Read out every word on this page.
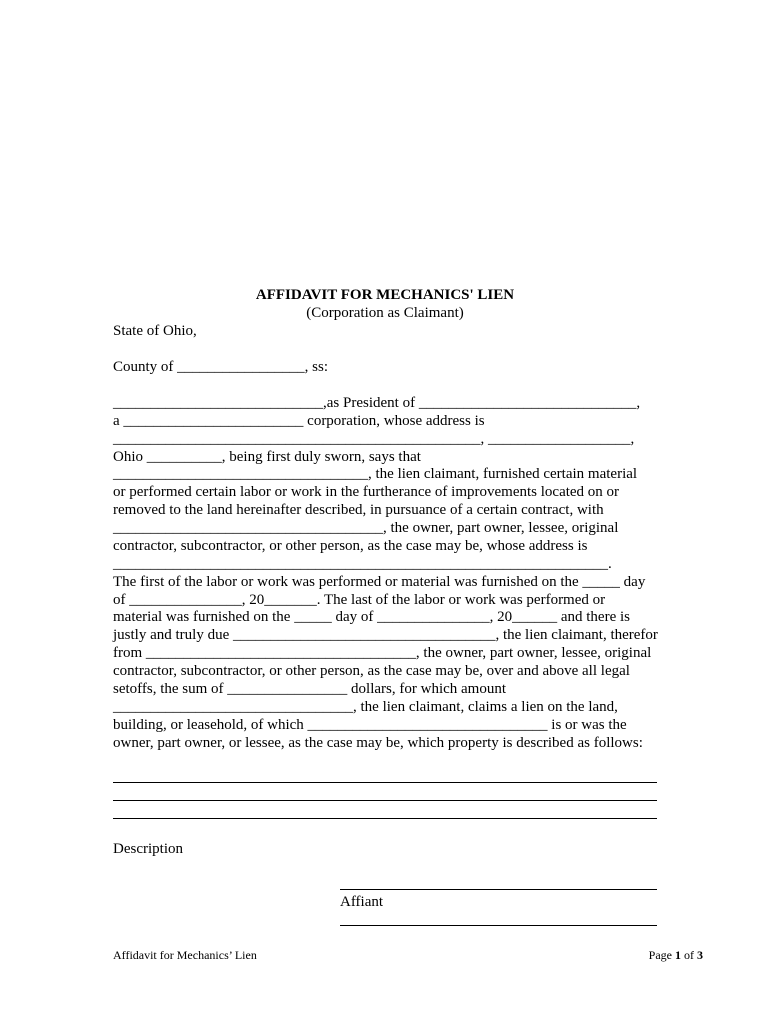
AFFIDAVIT FOR MECHANICS' LIEN
(Corporation as Claimant)
State of Ohio,
County of _________________, ss:
____________________________,as President of _____________________________,
a ________________________ corporation, whose address is
_________________________________________________, ___________________,
Ohio __________, being first duly sworn, says that
__________________________________, the lien claimant, furnished certain material
or performed certain labor or work in the furtherance of improvements located on or
removed to the land hereinafter described, in pursuance of a certain contract, with
____________________________________, the owner, part owner, lessee, original
contractor, subcontractor, or other person, as the case may be, whose address is
__________________________________________________________________.
The first of the labor or work was performed or material was furnished on the _____ day
of _______________, 20_______. The last of the labor or work was performed or
material was furnished on the _____ day of _______________, 20______ and there is
justly and truly due ___________________________________, the lien claimant, therefor
from ____________________________________, the owner, part owner, lessee, original
contractor, subcontractor, or other person, as the case may be, over and above all legal
setoffs, the sum of ________________ dollars, for which amount
________________________________, the lien claimant, claims a lien on the land,
building, or leasehold, of which ________________________________ is or was the
owner, part owner, or lessee, as the case may be, which property is described as follows:
Description
Affiant
Affidavit for Mechanics’ Lien	Page 1 of 3
